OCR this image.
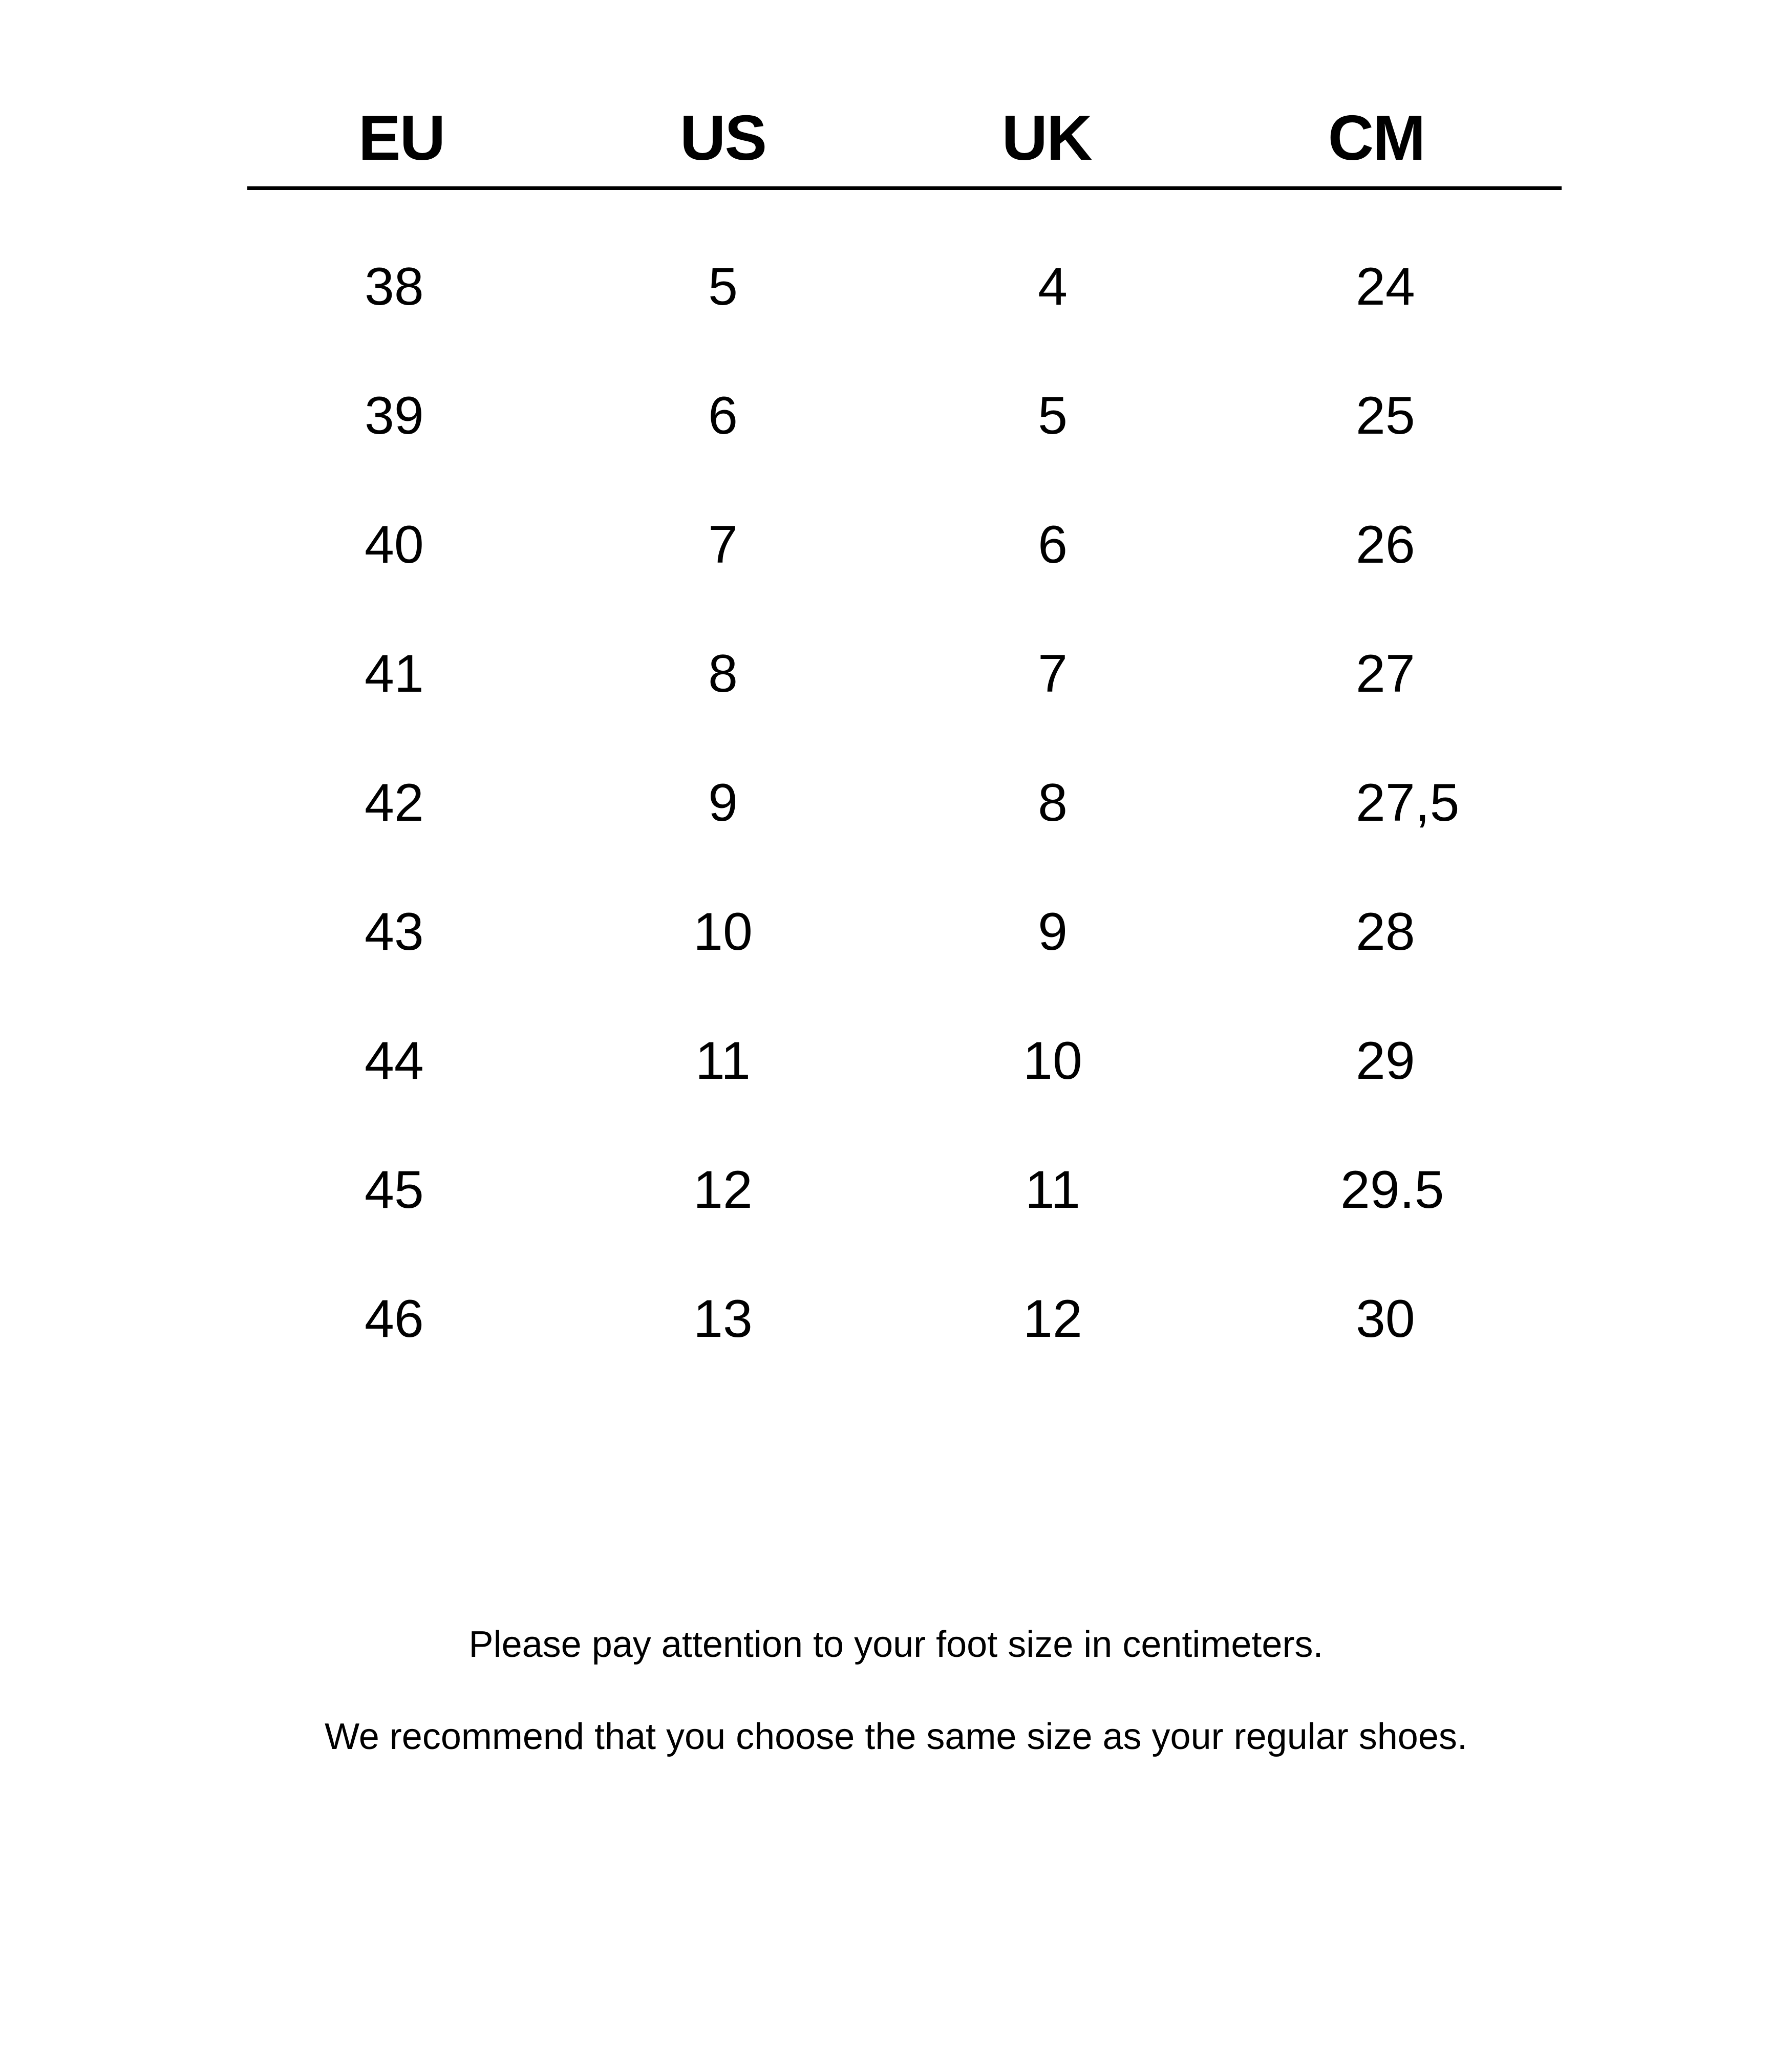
EU	US	UK	CM
38	5	4	24
39	6	5	25
40	7	6	26
41	8	7	27
42	9	8	27,5
43	10	9	28
44	11	10	29
45	12	11	29.5
46	13	12	30
Please pay attention to your foot size in centimeters.
We recommend that you choose the same size as your regular shoes.
